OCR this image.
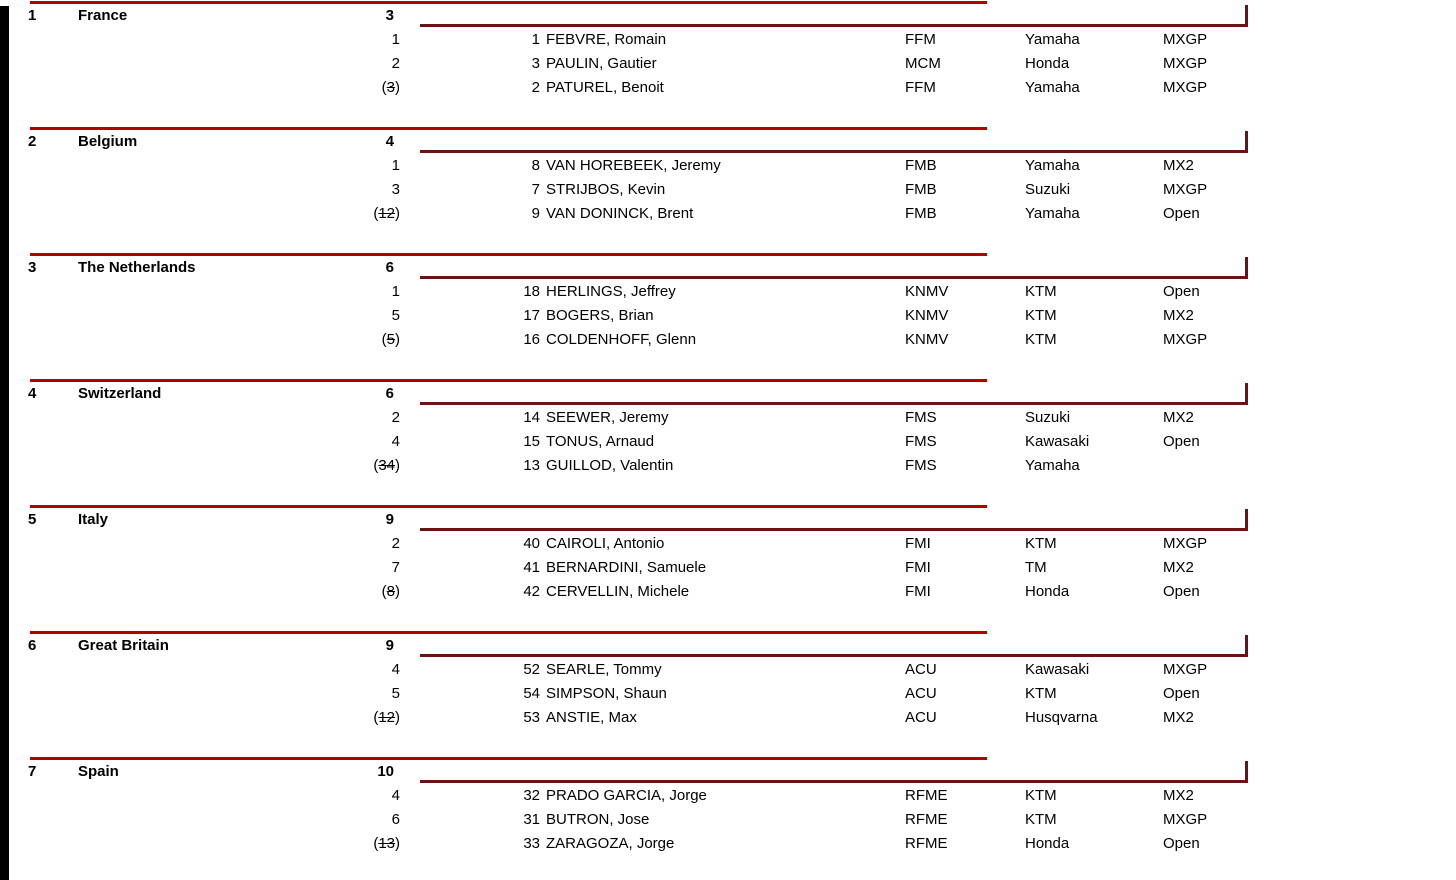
1	France	3
1	1 FEBVRE, Romain	FFM	Yamaha	MXGP
2	3 PAULIN, Gautier	MCM	Honda	MXGP
(3)	2 PATUREL, Benoit	FFM	Yamaha	MXGP
2	Belgium	4
1	8 VAN HOREBEEK, Jeremy	FMB	Yamaha	MX2
3	7 STRIJBOS, Kevin	FMB	Suzuki	MXGP
(12)	9 VAN DONINCK, Brent	FMB	Yamaha	Open
3	The Netherlands	6
1	18 HERLINGS, Jeffrey	KNMV	KTM	Open
5	17 BOGERS, Brian	KNMV	KTM	MX2
(5)	16 COLDENHOFF, Glenn	KNMV	KTM	MXGP
4	Switzerland	6
2	14 SEEWER, Jeremy	FMS	Suzuki	MX2
4	15 TONUS, Arnaud	FMS	Kawasaki	Open
(34)	13 GUILLOD, Valentin	FMS	Yamaha
5	Italy	9
2	40 CAIROLI, Antonio	FMI	KTM	MXGP
7	41 BERNARDINI, Samuele	FMI	TM	MX2
(8)	42 CERVELLIN, Michele	FMI	Honda	Open
6	Great Britain	9
4	52 SEARLE, Tommy	ACU	Kawasaki	MXGP
5	54 SIMPSON, Shaun	ACU	KTM	Open
(12)	53 ANSTIE, Max	ACU	Husqvarna	MX2
7	Spain	10
4	32 PRADO GARCIA, Jorge	RFME	KTM	MX2
6	31 BUTRON, Jose	RFME	KTM	MXGP
(13)	33 ZARAGOZA, Jorge	RFME	Honda	Open
